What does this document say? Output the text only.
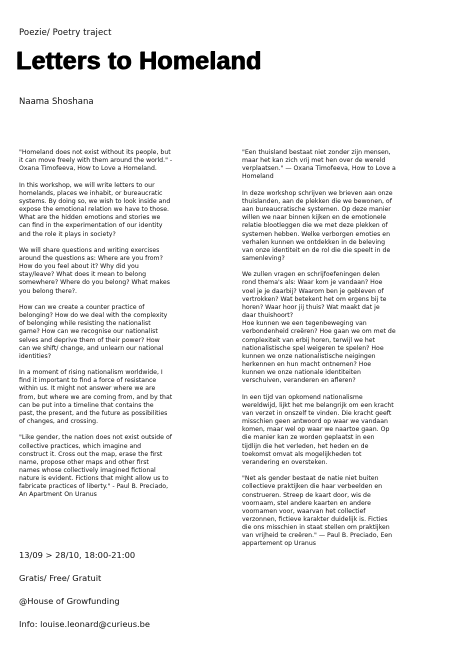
Poezie/ Poetry traject
Letters to Homeland
Naama Shoshana

"Homeland does not exist without its people, but
it can move freely with them around the world." -
Oxana Timofeeva, How to Love a Homeland.

In this workshop, we will write letters to our
homelands, places we inhabit, or bureaucratic
systems. By doing so, we wish to look inside and
expose the emotional relation we have to those.
What are the hidden emotions and stories we
can find in the experimentation of our identity
and the role it plays in society?

We will share questions and writing exercises
around the questions as: Where are you from?
How do you feel about it? Why did you
stay/leave? What does it mean to belong
somewhere? Where do you belong? What makes
you belong there?.

How can we create a counter practice of
belonging? How do we deal with the complexity
of belonging while resisting the nationalist
game? How can we recognise our nationalist
selves and deprive them of their power? How
can we shift/ change, and unlearn our national
identities?

In a moment of rising nationalism worldwide, I
find it important to find a force of resistance
within us. It might not answer where we are
from, but where we are coming from, and by that
can be put into a timeline that contains the
past, the present, and the future as possibilities
of changes, and crossing.

"Like gender, the nation does not exist outside of
collective practices, which imagine and
construct it. Cross out the map, erase the first
name, propose other maps and other first
names whose collectively imagined fictional
nature is evident. Fictions that might allow us to
fabricate practices of liberty." - Paul B. Preciado,
An Apartment On Uranus

13/09 > 28/10, 18:00-21:00

Gratis/ Free/ Gratuit

@House of Growfunding

Info: louise.leonard@curieus.be

"Een thuisland bestaat niet zonder zijn mensen,
maar het kan zich vrij met hen over de wereld
verplaatsen." — Oxana Timofeeva, How to Love a
Homeland

In deze workshop schrijven we brieven aan onze
thuislanden, aan de plekken die we bewonen, of
aan bureaucratische systemen. Op deze manier
willen we naar binnen kijken en de emotionele
relatie blootleggen die we met deze plekken of
systemen hebben. Welke verborgen emoties en
verhalen kunnen we ontdekken in de beleving
van onze identiteit en de rol die die speelt in de
samenleving?

We zullen vragen en schrijfoefeningen delen
rond thema's als: Waar kom je vandaan? Hoe
voel je je daarbij? Waarom ben je gebleven of
vertrokken? Wat betekent het om ergens bij te
horen? Waar hoor jij thuis? Wat maakt dat je
daar thuishoort?
Hoe kunnen we een tegenbeweging van
verbondenheid creëren? Hoe gaan we om met de
complexiteit van erbij horen, terwijl we het
nationalistische spel weigeren te spelen? Hoe
kunnen we onze nationalistische neigingen
herkennen en hun macht ontnemen? Hoe
kunnen we onze nationale identiteiten
verschuiven, veranderen en afleren?

In een tijd van opkomend nationalisme
wereldwijd, lijkt het me belangrijk om een kracht
van verzet in onszelf te vinden. Die kracht geeft
misschien geen antwoord op waar we vandaan
komen, maar wel op waar we naartoe gaan. Op
die manier kan ze worden geplaatst in een
tijdlijn die het verleden, het heden en de
toekomst omvat als mogelijkheden tot
verandering en oversteken.

"Net als gender bestaat de natie niet buiten
collectieve praktijken die haar verbeelden en
construeren. Streep de kaart door, wis de
voornaam, stel andere kaarten en andere
voornamen voor, waarvan het collectief
verzonnen, fictieve karakter duidelijk is. Ficties
die ons misschien in staat stellen om praktijken
van vrijheid te creëren." — Paul B. Preciado, Een
appartement op Uranus
